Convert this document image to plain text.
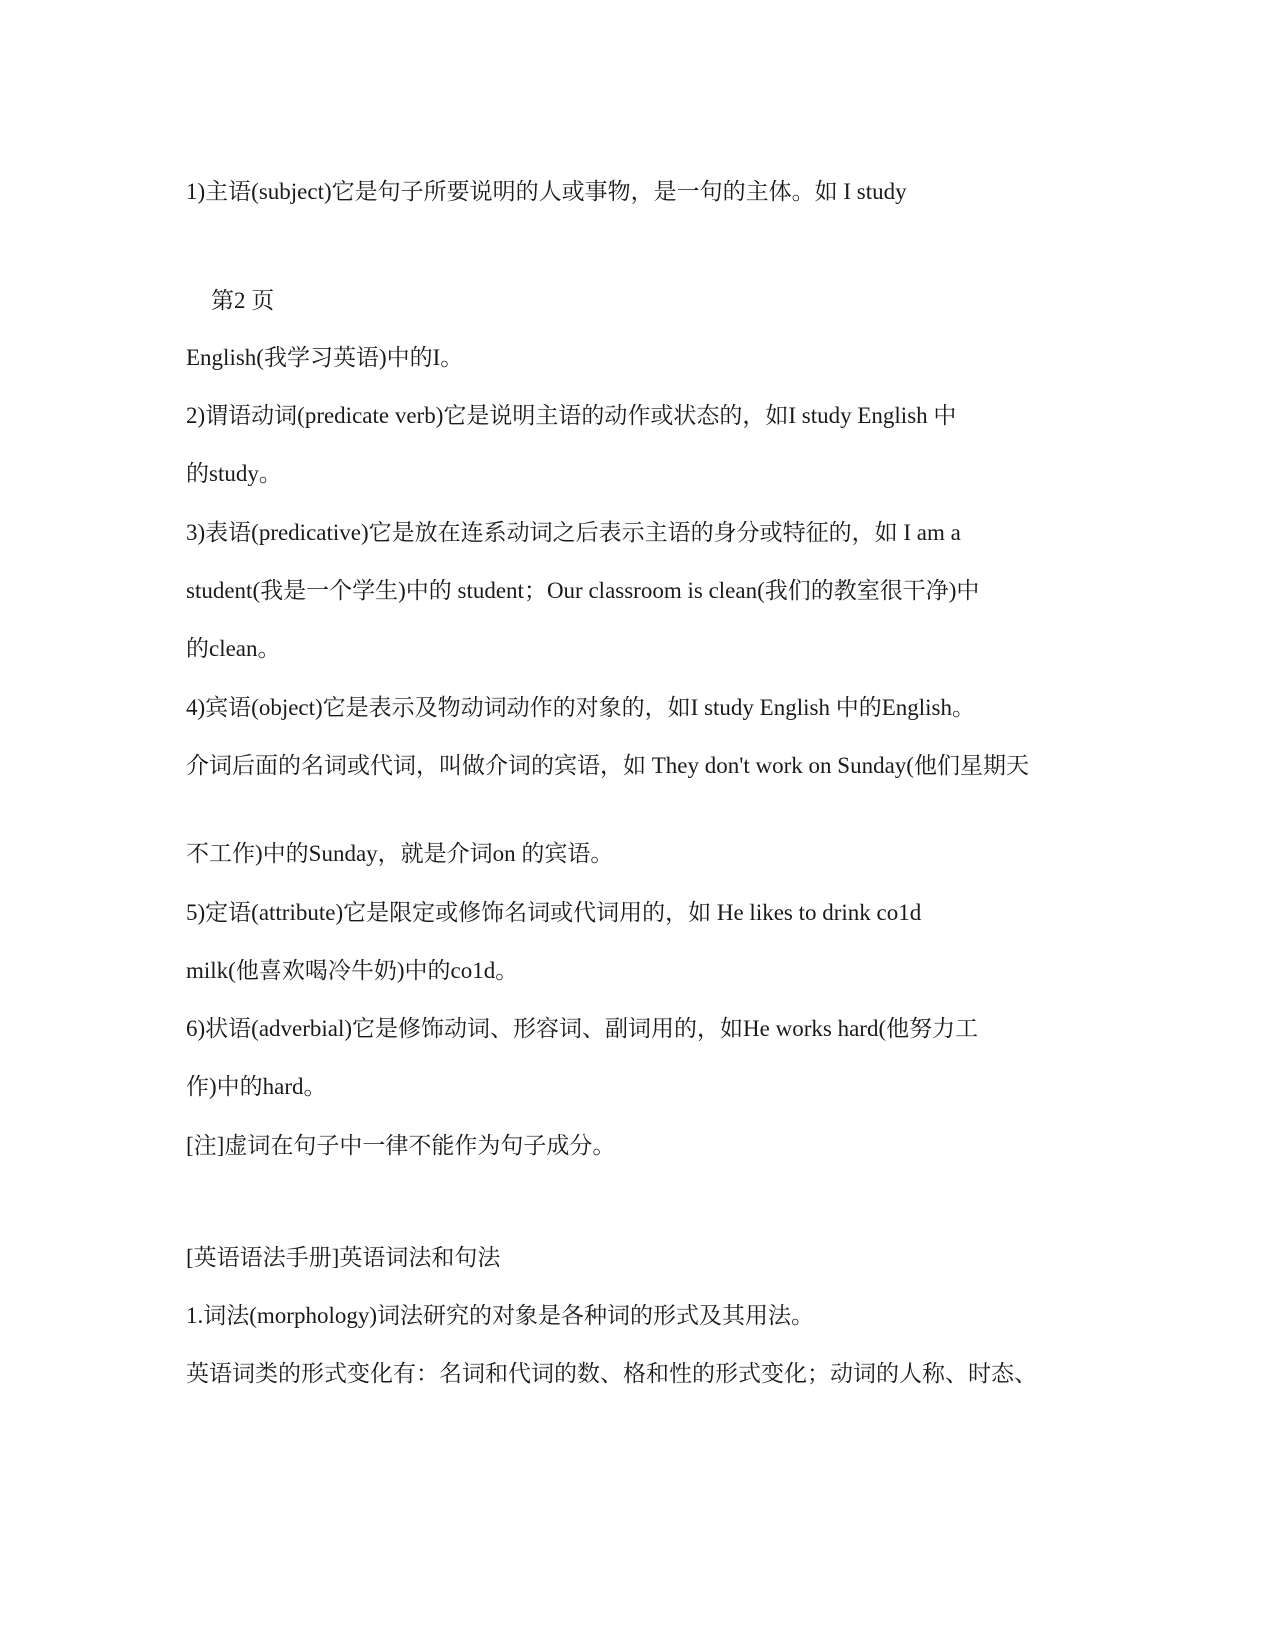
1)主语(subject)它是句子所要说明的人或事物，是一句的主体。如 I study
第2 页
English(我学习英语)中的I。
2)谓语动词(predicate verb)它是说明主语的动作或状态的，如I study English 中
的study。
3)表语(predicative)它是放在连系动词之后表示主语的身分或特征的，如 I am a
student(我是一个学生)中的 student；Our classroom is clean(我们的教室很干净)中
的clean。
4)宾语(object)它是表示及物动词动作的对象的，如I study English 中的English。
介词后面的名词或代词，叫做介词的宾语，如 They don't work on Sunday(他们星期天
不工作)中的Sunday，就是介词on 的宾语。
5)定语(attribute)它是限定或修饰名词或代词用的，如 He likes to drink co1d
milk(他喜欢喝冷牛奶)中的co1d。
6)状语(adverbial)它是修饰动词、形容词、副词用的，如He works hard(他努力工
作)中的hard。
[注]虚词在句子中一律不能作为句子成分。
[英语语法手册]英语词法和句法
1.词法(morphology)词法研究的对象是各种词的形式及其用法。
英语词类的形式变化有：名词和代词的数、格和性的形式变化；动词的人称、时态、
